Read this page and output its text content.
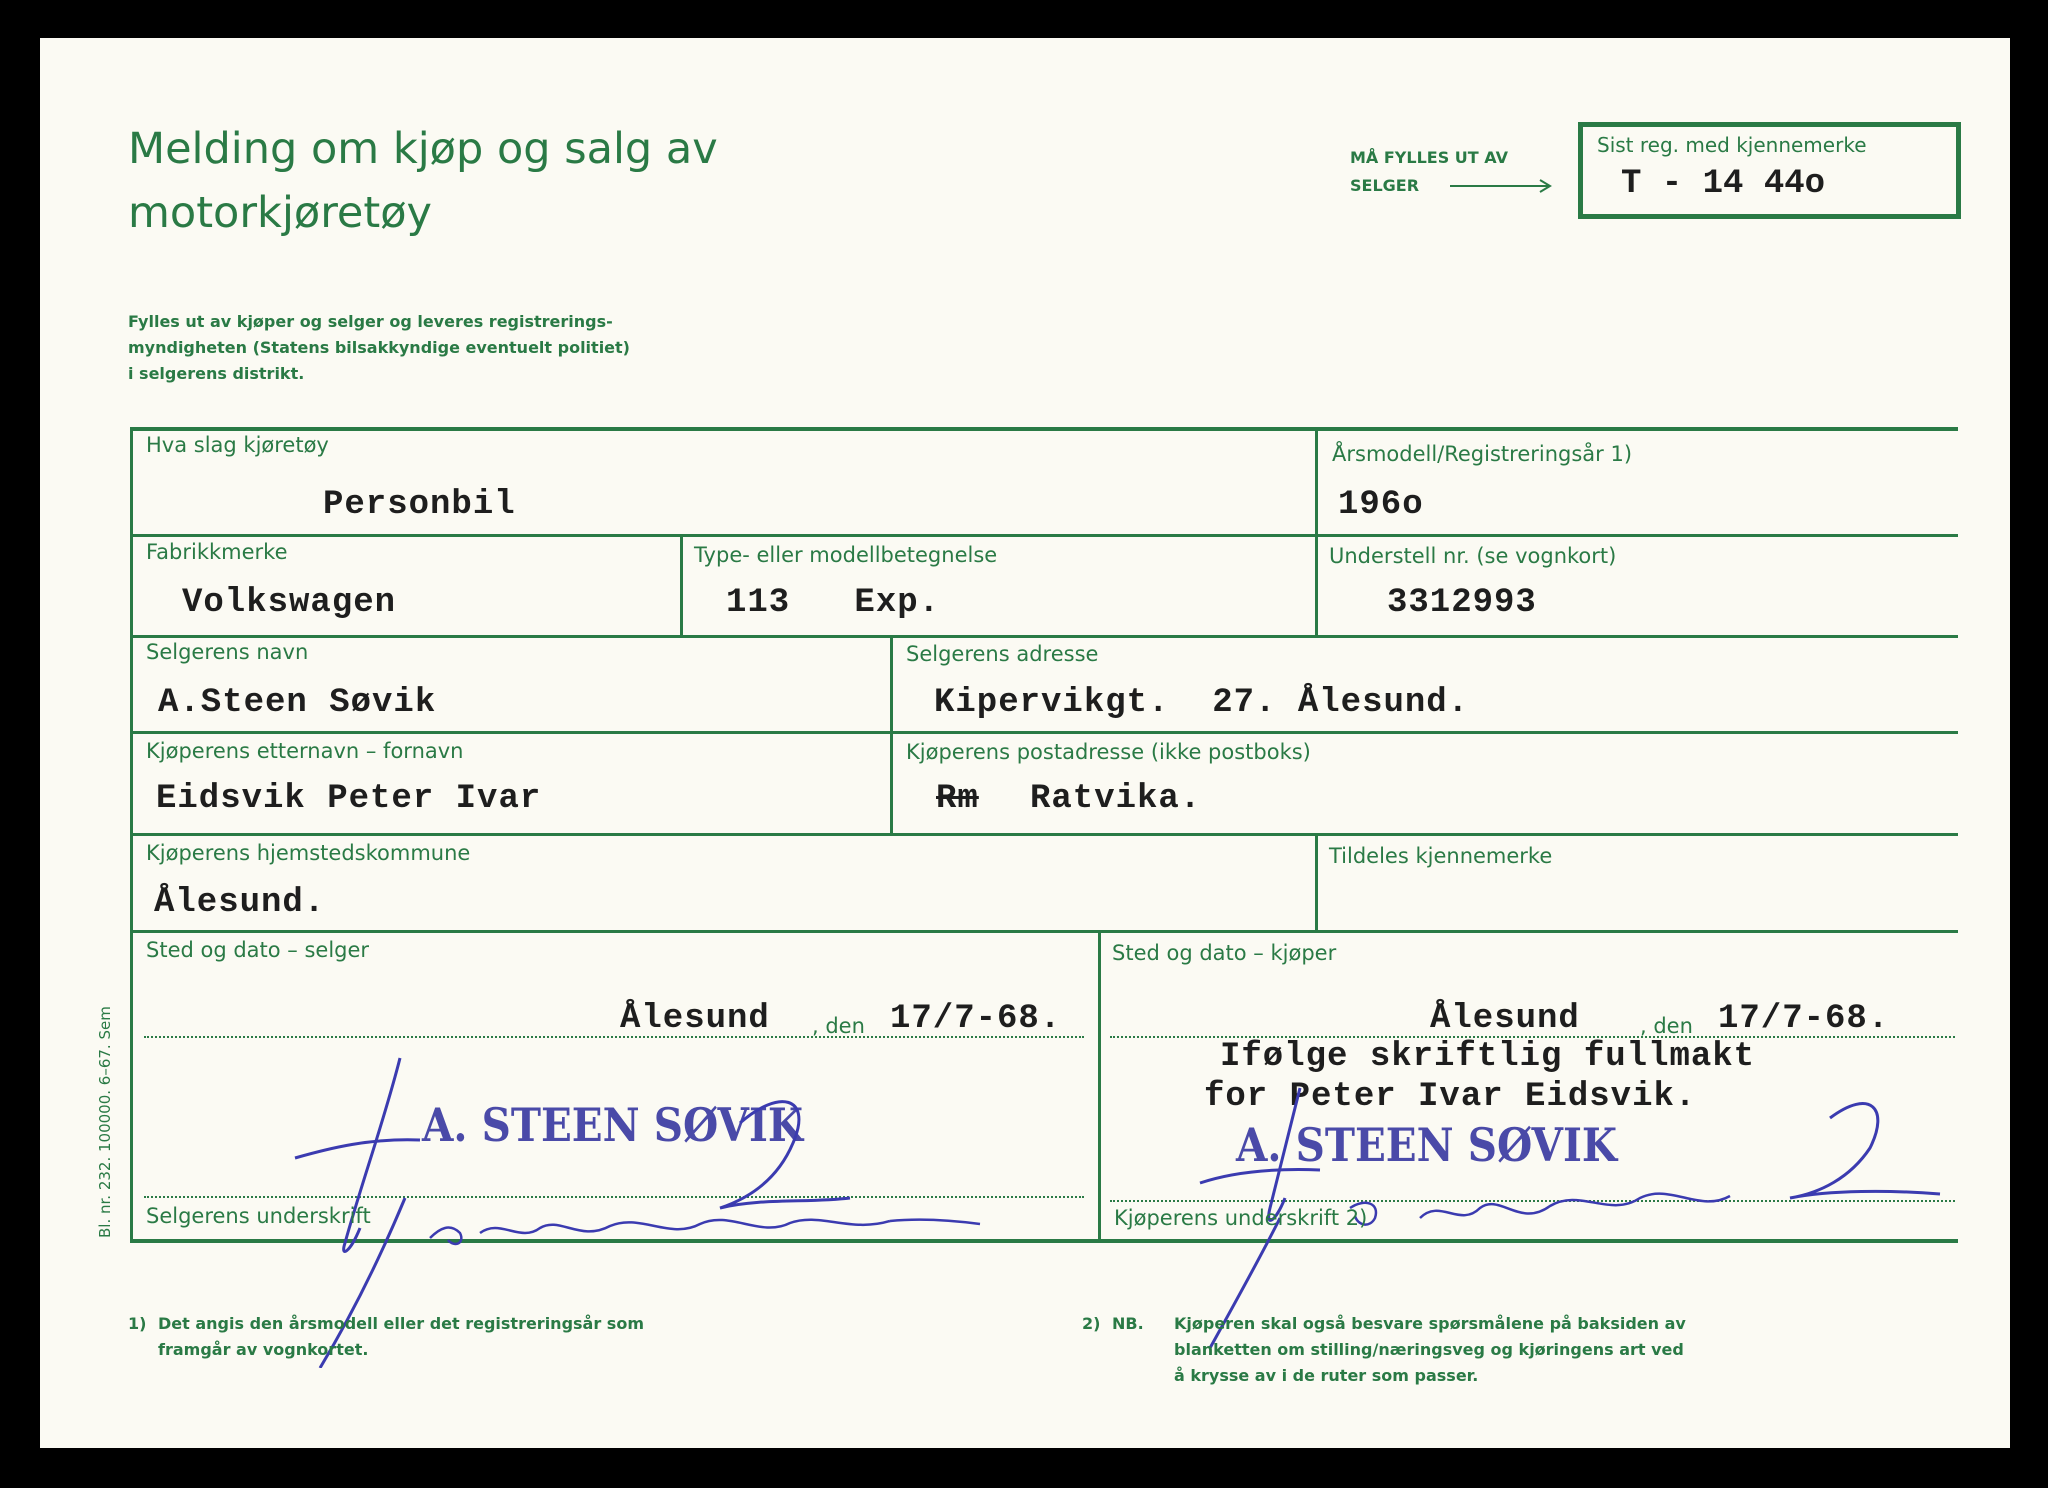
Melding om kjøp og salg av
motorkjøretøy
Fylles ut av kjøper og selger og leveres registrerings-
myndigheten (Statens bilsakkyndige eventuelt politiet)
i selgerens distrikt.
MÅ FYLLES UT AV
SELGER
Sist reg. med kjennemerke
T - 14 44o
Hva slag kjøretøy
Personbil
Årsmodell/Registreringsår 1)
196o
Fabrikkmerke
Volkswagen
Type- eller modellbetegnelse
113   Exp.
Understell nr. (se vognkort)
3312993
Selgerens navn
A.Steen Søvik
Selgerens adresse
Kipervikgt.  27. Ålesund.
Kjøperens etternavn – fornavn
Eidsvik Peter Ivar
Kjøperens postadresse (ikke postboks)
Rm Ratvika.
Kjøperens hjemstedskommune
Ålesund.
Tildeles kjennemerke
Sted og dato – selger
Ålesund , den 17/7-68.
Sted og dato – kjøper
Ålesund	, den 17/7-68.
Ifølge skriftlig fullmakt
for Peter Ivar Eidsvik.
A. STEEN SØVIK	A. STEEN SØVIK
Selgerens underskrift	Kjøperens underskrift 2)
Bl. nr. 232. 100000. 6–67. Sem
1) Det angis den årsmodell eller det registreringsår som
framgår av vognkortet.
2) NB. Kjøperen skal også besvare spørsmålene på baksiden av
blanketten om stilling/næringsveg og kjøringens art ved
å krysse av i de ruter som passer.
